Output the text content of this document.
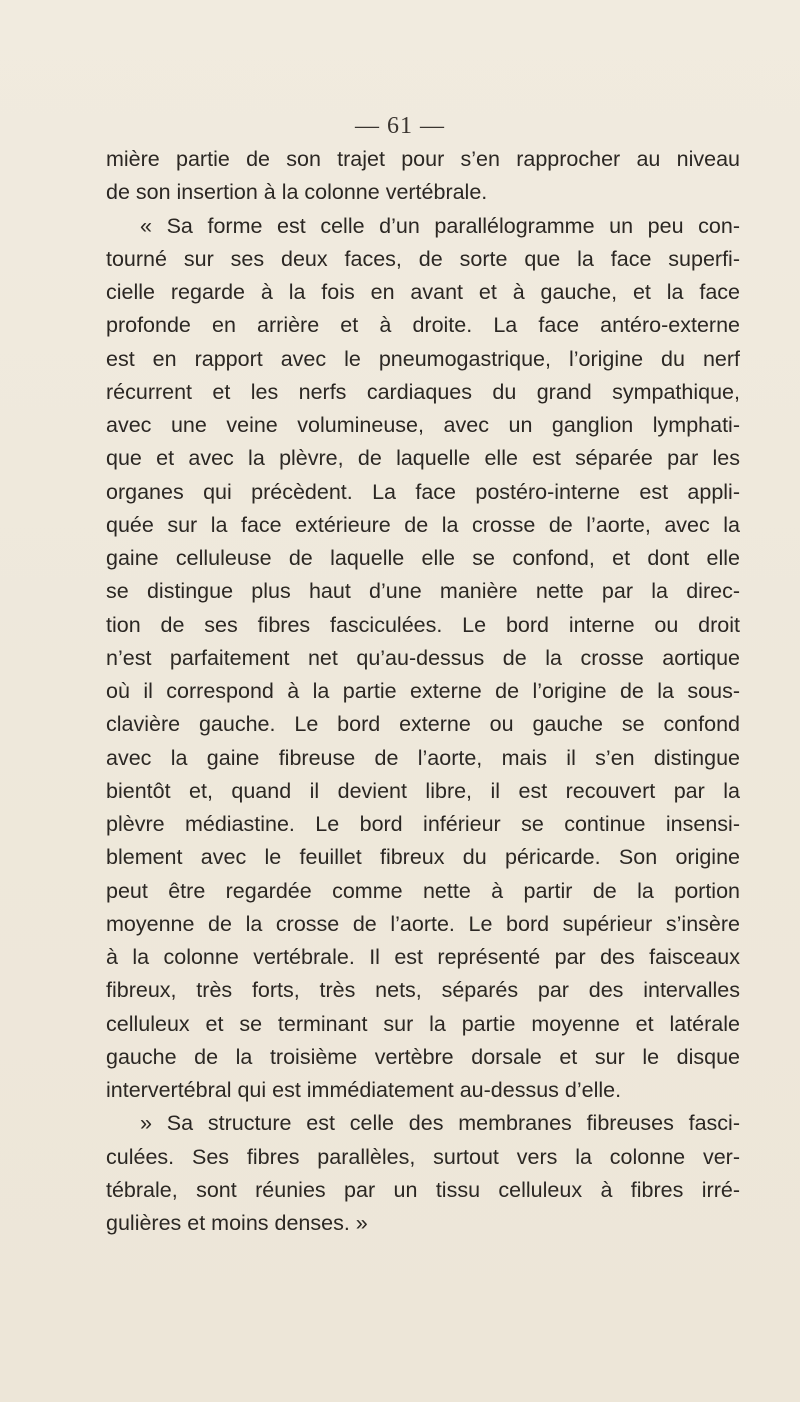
— 61 —
mière partie de son trajet pour s’en rapprocher au niveau
de son insertion à la colonne vertébrale.
« Sa forme est celle d’un parallélogramme un peu con-
tourné sur ses deux faces, de sorte que la face superfi-
cielle regarde à la fois en avant et à gauche, et la face
profonde en arrière et à droite. La face antéro-externe
est en rapport avec le pneumogastrique, l’origine du nerf
récurrent et les nerfs cardiaques du grand sympathique,
avec une veine volumineuse, avec un ganglion lymphati-
que et avec la plèvre, de laquelle elle est séparée par les
organes qui précèdent. La face postéro-interne est appli-
quée sur la face extérieure de la crosse de l’aorte, avec la
gaine celluleuse de laquelle elle se confond, et dont elle
se distingue plus haut d’une manière nette par la direc-
tion de ses fibres fasciculées. Le bord interne ou droit
n’est parfaitement net qu’au-dessus de la crosse aortique
où il correspond à la partie externe de l’origine de la sous-
clavière gauche. Le bord externe ou gauche se confond
avec la gaine fibreuse de l’aorte, mais il s’en distingue
bientôt et, quand il devient libre, il est recouvert par la
plèvre médiastine. Le bord inférieur se continue insensi-
blement avec le feuillet fibreux du péricarde. Son origine
peut être regardée comme nette à partir de la portion
moyenne de la crosse de l’aorte. Le bord supérieur s’insère
à la colonne vertébrale. Il est représenté par des faisceaux
fibreux, très forts, très nets, séparés par des intervalles
celluleux et se terminant sur la partie moyenne et latérale
gauche de la troisième vertèbre dorsale et sur le disque
intervertébral qui est immédiatement au-dessus d’elle.
» Sa structure est celle des membranes fibreuses fasci-
culées. Ses fibres parallèles, surtout vers la colonne ver-
tébrale, sont réunies par un tissu celluleux à fibres irré-
gulières et moins denses. »
